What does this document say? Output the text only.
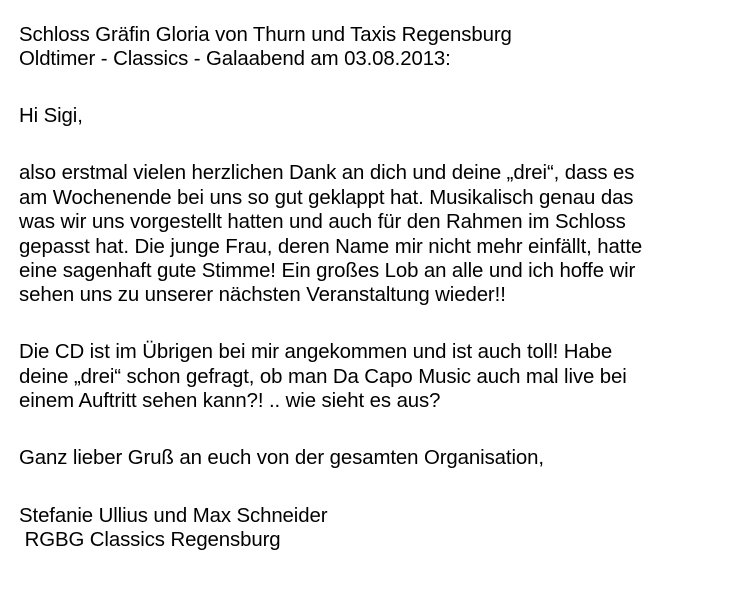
Schloss Gräfin Gloria von Thurn und Taxis Regensburg
Oldtimer - Classics - Galaabend am 03.08.2013:
Hi Sigi,
also erstmal vielen herzlichen Dank an dich und deine „drei“, dass es
am Wochenende bei uns so gut geklappt hat. Musikalisch genau das
was wir uns vorgestellt hatten und auch für den Rahmen im Schloss
gepasst hat. Die junge Frau, deren Name mir nicht mehr einfällt, hatte
eine sagenhaft gute Stimme! Ein großes Lob an alle und ich hoffe wir
sehen uns zu unserer nächsten Veranstaltung wieder!!
Die CD ist im Übrigen bei mir angekommen und ist auch toll! Habe
deine „drei“ schon gefragt, ob man Da Capo Music auch mal live bei
einem Auftritt sehen kann?! .. wie sieht es aus?
Ganz lieber Gruß an euch von der gesamten Organisation,
Stefanie Ullius und Max Schneider
RGBG Classics Regensburg
